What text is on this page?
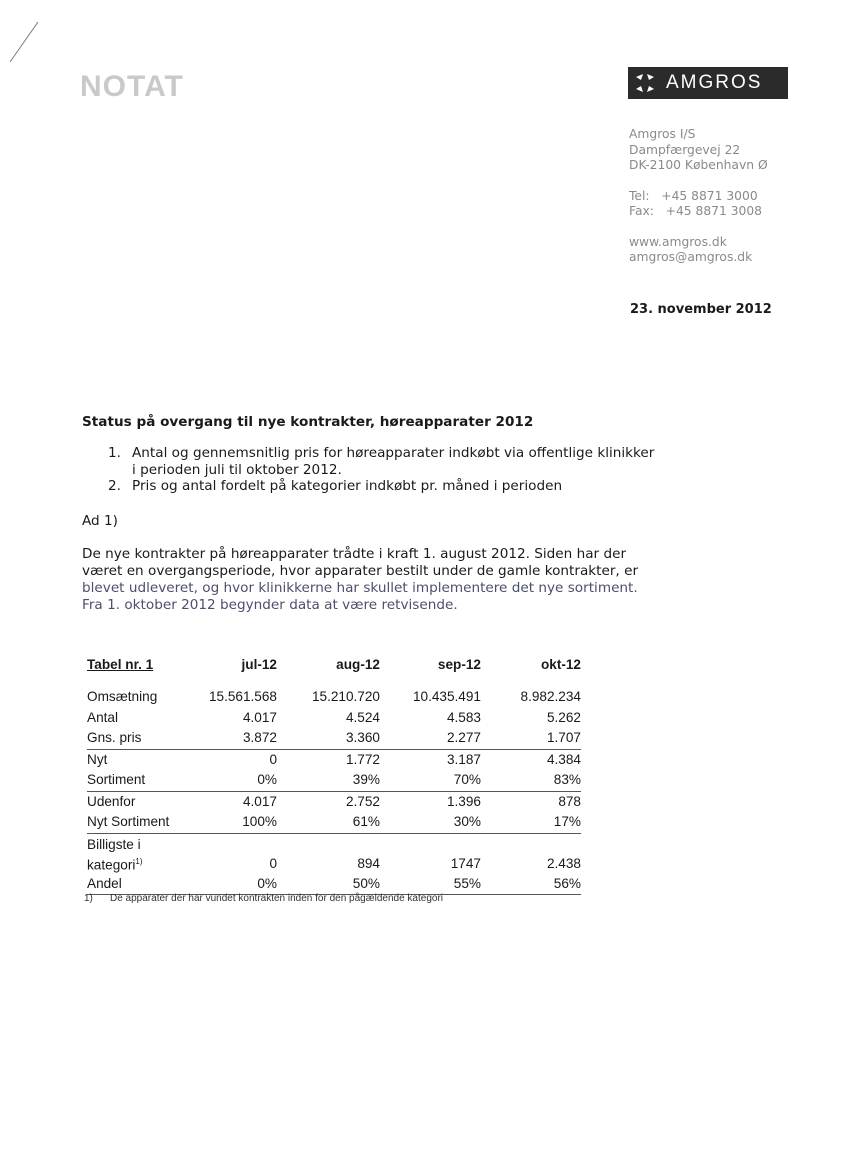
NOTAT	AMGROS
Amgros I/S
Dampfærgevej 22
DK-2100 København Ø
Tel: +45 8871 3000
Fax: +45 8871 3008
www.amgros.dk
amgros@amgros.dk
23. november 2012
Status på overgang til nye kontrakter, høreapparater 2012
1. Antal og gennemsnitlig pris for høreapparater indkøbt via offentlige klinikker
i perioden juli til oktober 2012.
2. Pris og antal fordelt på kategorier indkøbt pr. måned i perioden
Ad 1)
De nye kontrakter på høreapparater trådte i kraft 1. august 2012. Siden har der
været en overgangsperiode, hvor apparater bestilt under de gamle kontrakter, er
blevet udleveret, og hvor klinikkerne har skullet implementere det nye sortiment.
Fra 1. oktober 2012 begynder data at være retvisende.
Tabel nr. 1	jul-12	aug-12	sep-12	okt-12
Omsætning	15.561.568	15.210.720	10.435.491	8.982.234
Antal	4.017	4.524	4.583	5.262
Gns. pris	3.872	3.360	2.277	1.707
Nyt	0	1.772	3.187	4.384
Sortiment	0%	39%	70%	83%
Udenfor	4.017	2.752	1.396	878
Nyt Sortiment	100%	61%	30%	17%
Billigste i
kategori$^{1)}$	0	894	1747	2.438
Andel	0%	50%	55%	56%
1) De apparater der har vundet kontrakten inden for den pågældende kategori
